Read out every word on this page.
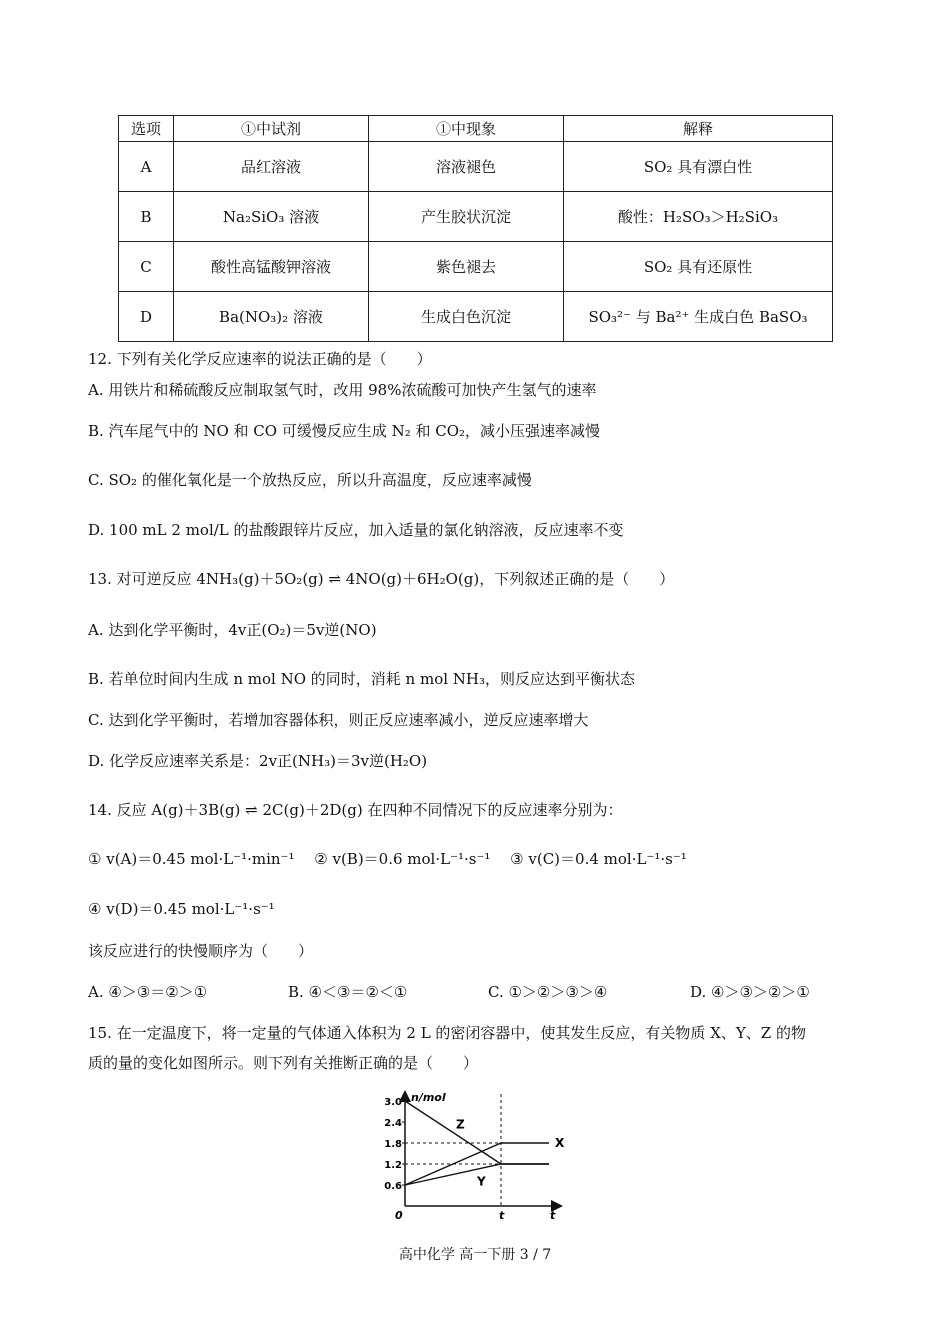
选项	①中试剂	①中现象	解释
A	品红溶液	溶液褪色	SO₂ 具有漂白性
B	Na₂SiO₃ 溶液	产生胶状沉淀	酸性：H₂SO₃＞H₂SiO₃
C	酸性高锰酸钾溶液	紫色褪去	SO₂ 具有还原性
D	Ba(NO₃)₂ 溶液	生成白色沉淀	SO₃²⁻ 与 Ba²⁺ 生成白色 BaSO₃
12. 下列有关化学反应速率的说法正确的是（　　）
A. 用铁片和稀硫酸反应制取氢气时，改用 98%浓硫酸可加快产生氢气的速率
B. 汽车尾气中的 NO 和 CO 可缓慢反应生成 N₂ 和 CO₂，减小压强速率减慢
C. SO₂ 的催化氧化是一个放热反应，所以升高温度，反应速率减慢
D. 100 mL 2 mol/L 的盐酸跟锌片反应，加入适量的氯化钠溶液，反应速率不变
13. 对可逆反应 4NH₃(g)＋5O₂(g) ⇌ 4NO(g)＋6H₂O(g)，下列叙述正确的是（　　）
A. 达到化学平衡时，4v正(O₂)＝5v逆(NO)
B. 若单位时间内生成 n mol NO 的同时，消耗 n mol NH₃，则反应达到平衡状态
C. 达到化学平衡时，若增加容器体积，则正反应速率减小，逆反应速率增大
D. 化学反应速率关系是：2v正(NH₃)＝3v逆(H₂O)
14. 反应 A(g)＋3B(g) ⇌ 2C(g)＋2D(g) 在四种不同情况下的反应速率分别为：
① v(A)＝0.45 mol·L⁻¹·min⁻¹　 ② v(B)＝0.6 mol·L⁻¹·s⁻¹　 ③ v(C)＝0.4 mol·L⁻¹·s⁻¹
④ v(D)＝0.45 mol·L⁻¹·s⁻¹
该反应进行的快慢顺序为（　　）
A. ④＞③＝②＞①	B. ④＜③＝②＜①	C. ①＞②＞③＞④	D. ④＞③＞②＞①
15. 在一定温度下，将一定量的气体通入体积为 2 L 的密闭容器中，使其发生反应，有关物质 X、Y、Z 的物
质的量的变化如图所示。则下列有关推断正确的是（　　）
Z
X
Y
3.0
2.4
1.8
1.2
0.6
n/mol
0	t	t
高中化学 高一下册 3 / 7
